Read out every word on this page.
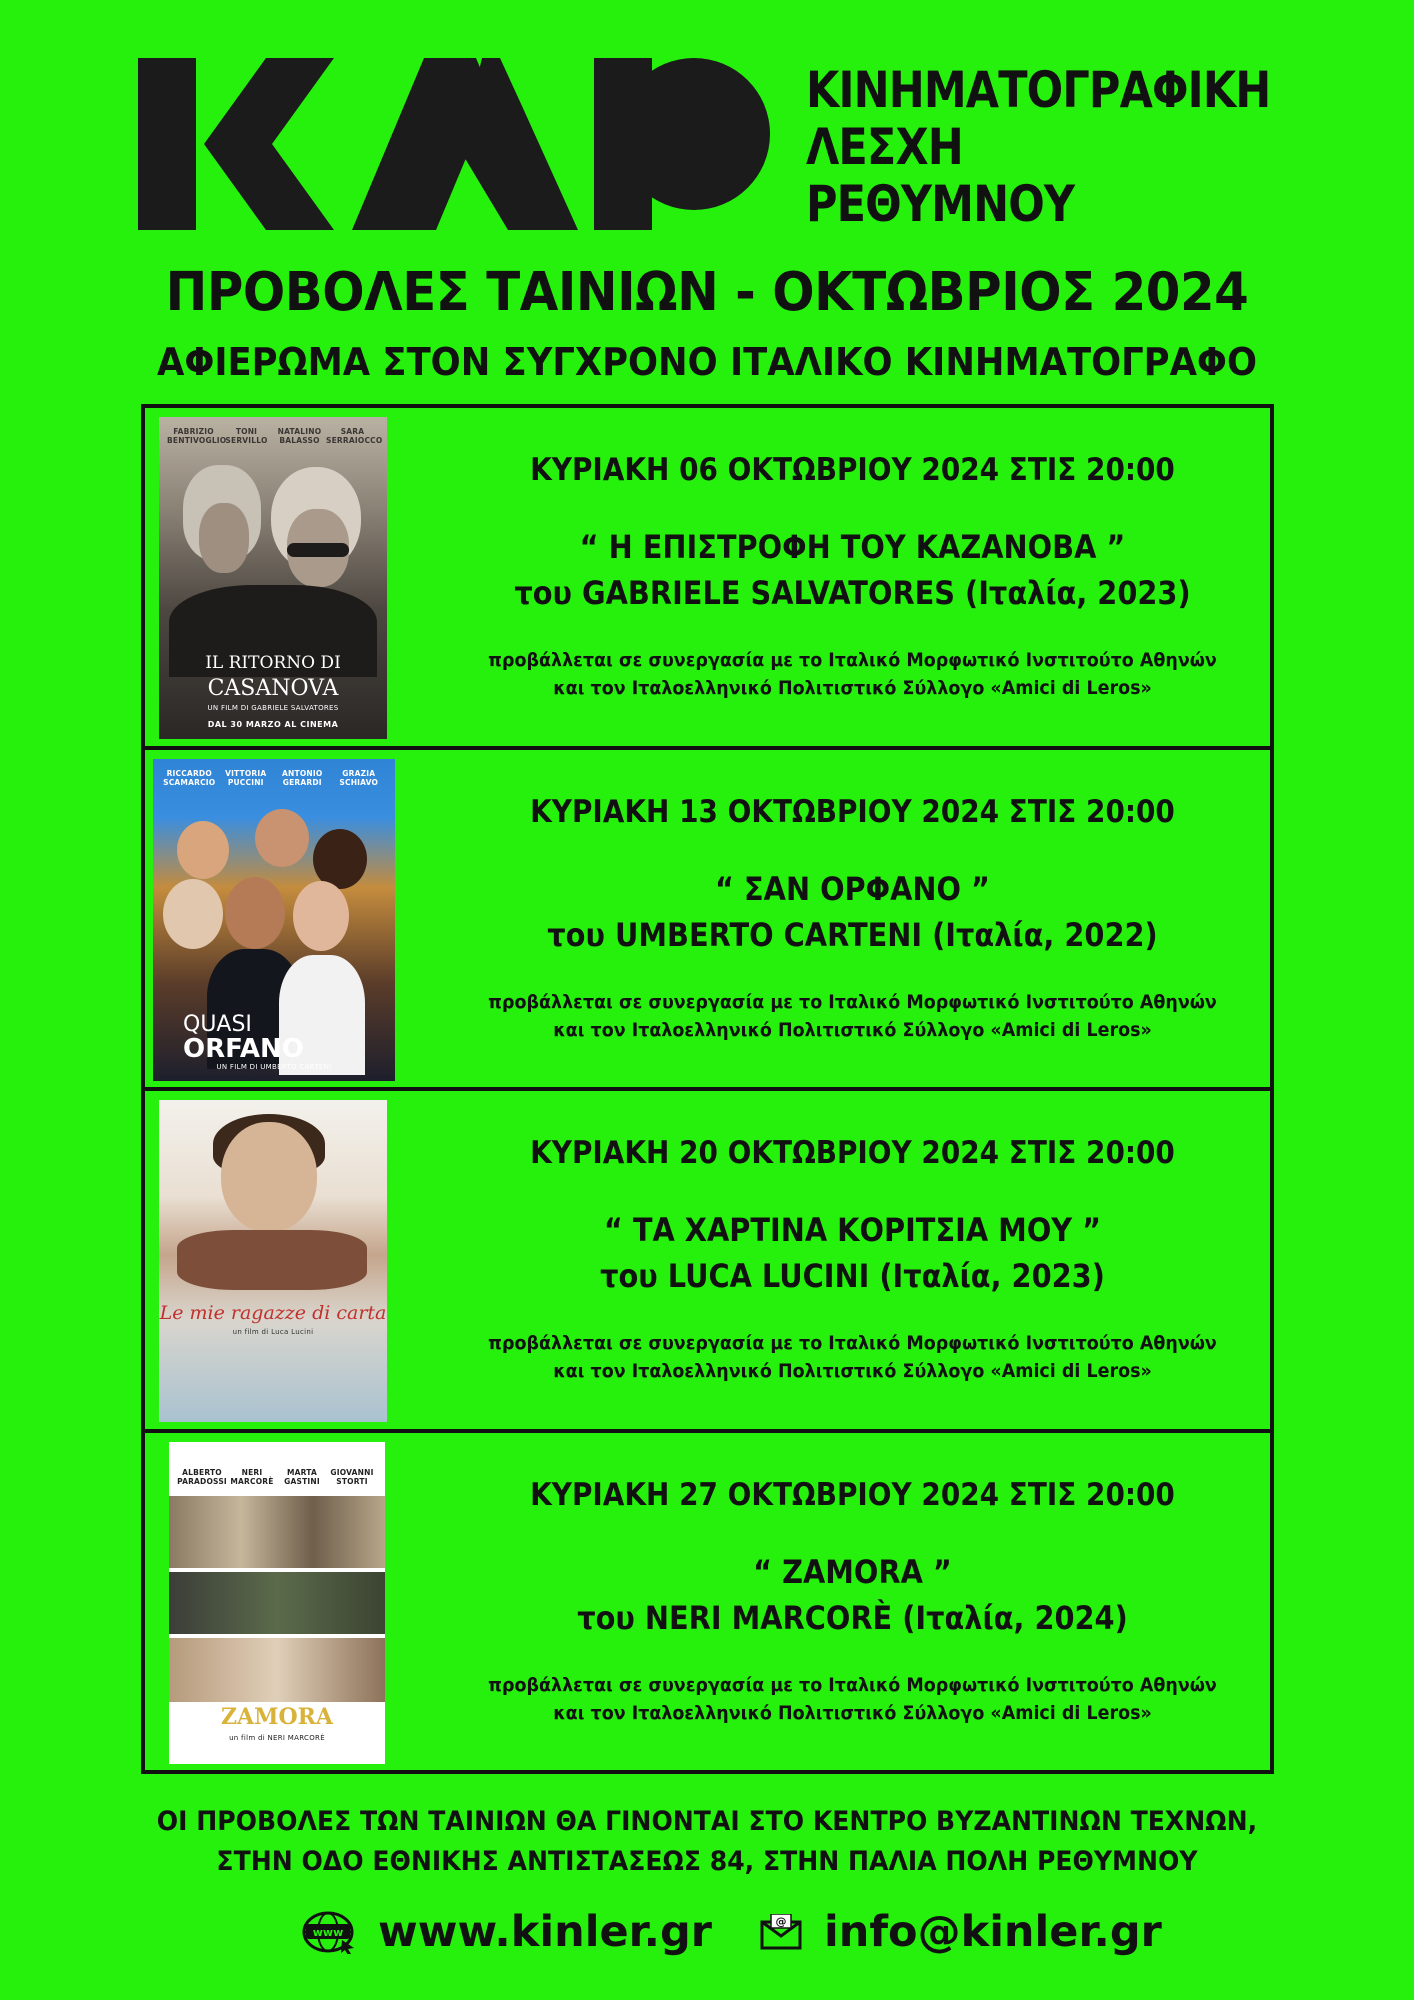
ΚΙΝΗΜΑΤΟΓΡΑΦΙΚΗ
ΛΕΣΧΗ
ΡΕΘΥΜΝΟΥ
ΠΡΟΒΟΛΕΣ ΤΑΙΝΙΩΝ - ΟΚΤΩΒΡΙΟΣ 2024
ΑΦΙΕΡΩΜΑ ΣΤΟΝ ΣΥΓΧΡΟΝΟ ΙΤΑΛΙΚΟ ΚΙΝΗΜΑΤΟΓΡΑΦΟ
FABRIZIO BENTIVOGLIO
TONI SERVILLO
NATALINO BALASSO
SARA SERRAIOCCO
IL RITORNO DI
CASANOVA
UN FILM DI GABRIELE SALVATORES
DAL 30 MARZO AL CINEMA
ΚΥΡΙΑΚΗ 06 ΟΚΤΩΒΡΙΟΥ 2024 ΣΤΙΣ 20:00
“ Η ΕΠΙΣΤΡΟΦΗ ΤΟΥ ΚΑΖΑΝΟΒΑ ”
του GABRIELE SALVATORES (Ιταλία, 2023)
προβάλλεται σε συνεργασία με το Ιταλικό Μορφωτικό Ινστιτούτο Αθηνών
και τον Ιταλοελληνικό Πολιτιστικό Σύλλογο «Amici di Leros»
RICCARDO SCAMARCIO
VITTORIA PUCCINI
ANTONIO GERARDI
GRAZIA SCHIAVO
QUASI
ORFANO
UN FILM DI UMBERTO CARTENI
ΚΥΡΙΑΚΗ 13 ΟΚΤΩΒΡΙΟΥ 2024 ΣΤΙΣ 20:00
“ ΣΑΝ ΟΡΦΑΝΟ ”
του UMBERTO CARTENI (Ιταλία, 2022)
προβάλλεται σε συνεργασία με το Ιταλικό Μορφωτικό Ινστιτούτο Αθηνών
και τον Ιταλοελληνικό Πολιτιστικό Σύλλογο «Amici di Leros»
Le mie ragazze di carta
un film di Luca Lucini
ΚΥΡΙΑΚΗ 20 ΟΚΤΩΒΡΙΟΥ 2024 ΣΤΙΣ 20:00
“ ΤΑ ΧΑΡΤΙΝΑ ΚΟΡΙΤΣΙΑ ΜΟΥ ”
του LUCA LUCINI (Ιταλία, 2023)
προβάλλεται σε συνεργασία με το Ιταλικό Μορφωτικό Ινστιτούτο Αθηνών
και τον Ιταλοελληνικό Πολιτιστικό Σύλλογο «Amici di Leros»
ALBERTO PARADOSSI
NERI MARCORÈ
MARTA GASTINI
GIOVANNI STORTI
ZAMORA
un film di NERI MARCORÈ
ΚΥΡΙΑΚΗ 27 ΟΚΤΩΒΡΙΟΥ 2024 ΣΤΙΣ 20:00
“ ZAMORA ”
του NERI MARCORÈ (Ιταλία, 2024)
προβάλλεται σε συνεργασία με το Ιταλικό Μορφωτικό Ινστιτούτο Αθηνών
και τον Ιταλοελληνικό Πολιτιστικό Σύλλογο «Amici di Leros»
ΟΙ ΠΡΟΒΟΛΕΣ ΤΩΝ ΤΑΙΝΙΩΝ ΘΑ ΓΙΝΟΝΤΑΙ ΣΤΟ ΚΕΝΤΡΟ ΒΥΖΑΝΤΙΝΩΝ ΤΕΧΝΩΝ,
ΣΤΗΝ ΟΔΟ ΕΘΝΙΚΗΣ ΑΝΤΙΣΤΑΣΕΩΣ 84, ΣΤΗΝ ΠΑΛΙΑ ΠΟΛΗ ΡΕΘΥΜΝΟΥ
www www.kinler.gr	@ info@kinler.gr
